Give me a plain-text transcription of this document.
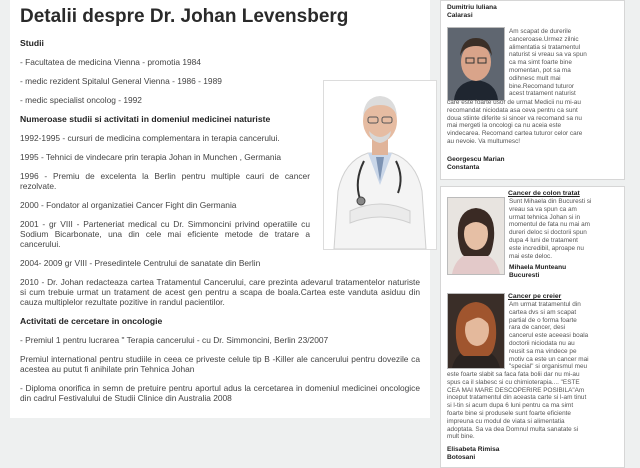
Detalii despre Dr. Johan Levensberg
Studii
- Facultatea de medicina Vienna - promotia 1984
- medic rezident Spitalul General Vienna - 1986 - 1989
- medic specialist oncolog - 1992
Numeroase studii si activitati in domeniul medicinei naturiste
1992-1995 - cursuri de medicina complementara in terapia cancerului.
1995 - Tehnici de vindecare prin terapia Johan in Munchen , Germania
1996 - Premiu de excelenta la Berlin pentru multiple cauri de cancer rezolvate.
2000 - Fondator al organizatiei Cancer Fight din Germania
2001 - gr VIII - Parteneriat medical cu Dr. Simmoncini privind operatiile cu Sodium Bicarbonate, una din cele mai eficiente metode de tratare a cancerului.
2004- 2009 gr VIII - Presedintele Centrului de sanatate din Berlin
2010 - Dr. Johan redacteaza cartea Tratamentul Cancerului, care prezinta adevarul tratamentelor naturiste si cum trebuie urmat un tratament de acest gen pentru a scapa de boala.Cartea este vanduta asiduu din cauza multiplelor rezultate pozitive in randul pacientilor.
Activitati de cercetare in oncologie
- Premiul 1 pentru lucrarea " Terapia cancerului - cu Dr. Simmoncini, Berlin 23/2007
Premiul international pentru studiile in ceea ce priveste celule tip B -Killer ale cancerului pentru dovezile ca acestea au putut fi anihilate prin Tehnica Johan
- Diploma onorifica in semn de pretuire pentru aportul adus la cercetarea in domeniul medicinei oncologice din cadrul Festivalului de Studii Clinice din Australia 2008
Dumitriu Iuliana
Calarasi
Am scapat de durerile
canceroase.Urmez zilnic
alimentatia si tratamentul
naturist si vreau sa va spun
ca ma simt foarte bine
momentan, pot sa ma
odihnesc mult mai
bine.Recomand tuturor
acest tratament naturist
care este foarte usor de urmat Medicii nu mi-au
recomandat niciodata asa ceva pentru ca sunt
doua stiinte diferite si sincer va recomand sa nu
mai mergeti la oncologi ca nu aceia este
vindecarea. Recomand cartea tuturor celor care
au nevoie. Va multumesc!
Georgescu Marian
Constanta
Cancer de colon tratat
Sunt Mihaela din Bucuresti si
vreau sa va spun ca am
urmat tehnica Johan si in
momentul de fata nu mai am
dureri deloc si doctorii spun
dupa 4 luni de tratament
este incredibil, aproape nu
mai este deloc.
Mihaela Munteanu
Bucuresti
Cancer pe creier
Am urmat tratamentul din
cartea dvs si am scapat
partial de o forma foarte
rara de cancer, desi
cancerul este aceeasi boala
doctorii niciodata nu au
reusit sa ma vindece pe
motiv ca este un cancer mai
"special" si organismul meu
este foarte slabit sa faca fata bolii dar nu mi-au
spus ca il slabesc si cu chimioterapia.... "ESTE
CEA MAI MARE DESCOPERIRE POSIBILA"Am
inceput tratamentul din aceasta carte si l-am tinut
si l-tin si acum dupa 6 luni pentru ca ma simt
foarte bine si produsele sunt foarte eficiente
impreuna cu modul de viata si alimentatia
adoptata. Sa va dea Domnul multa sanatate si
mult bine.
Elisabeta Rimisa
Botosani
